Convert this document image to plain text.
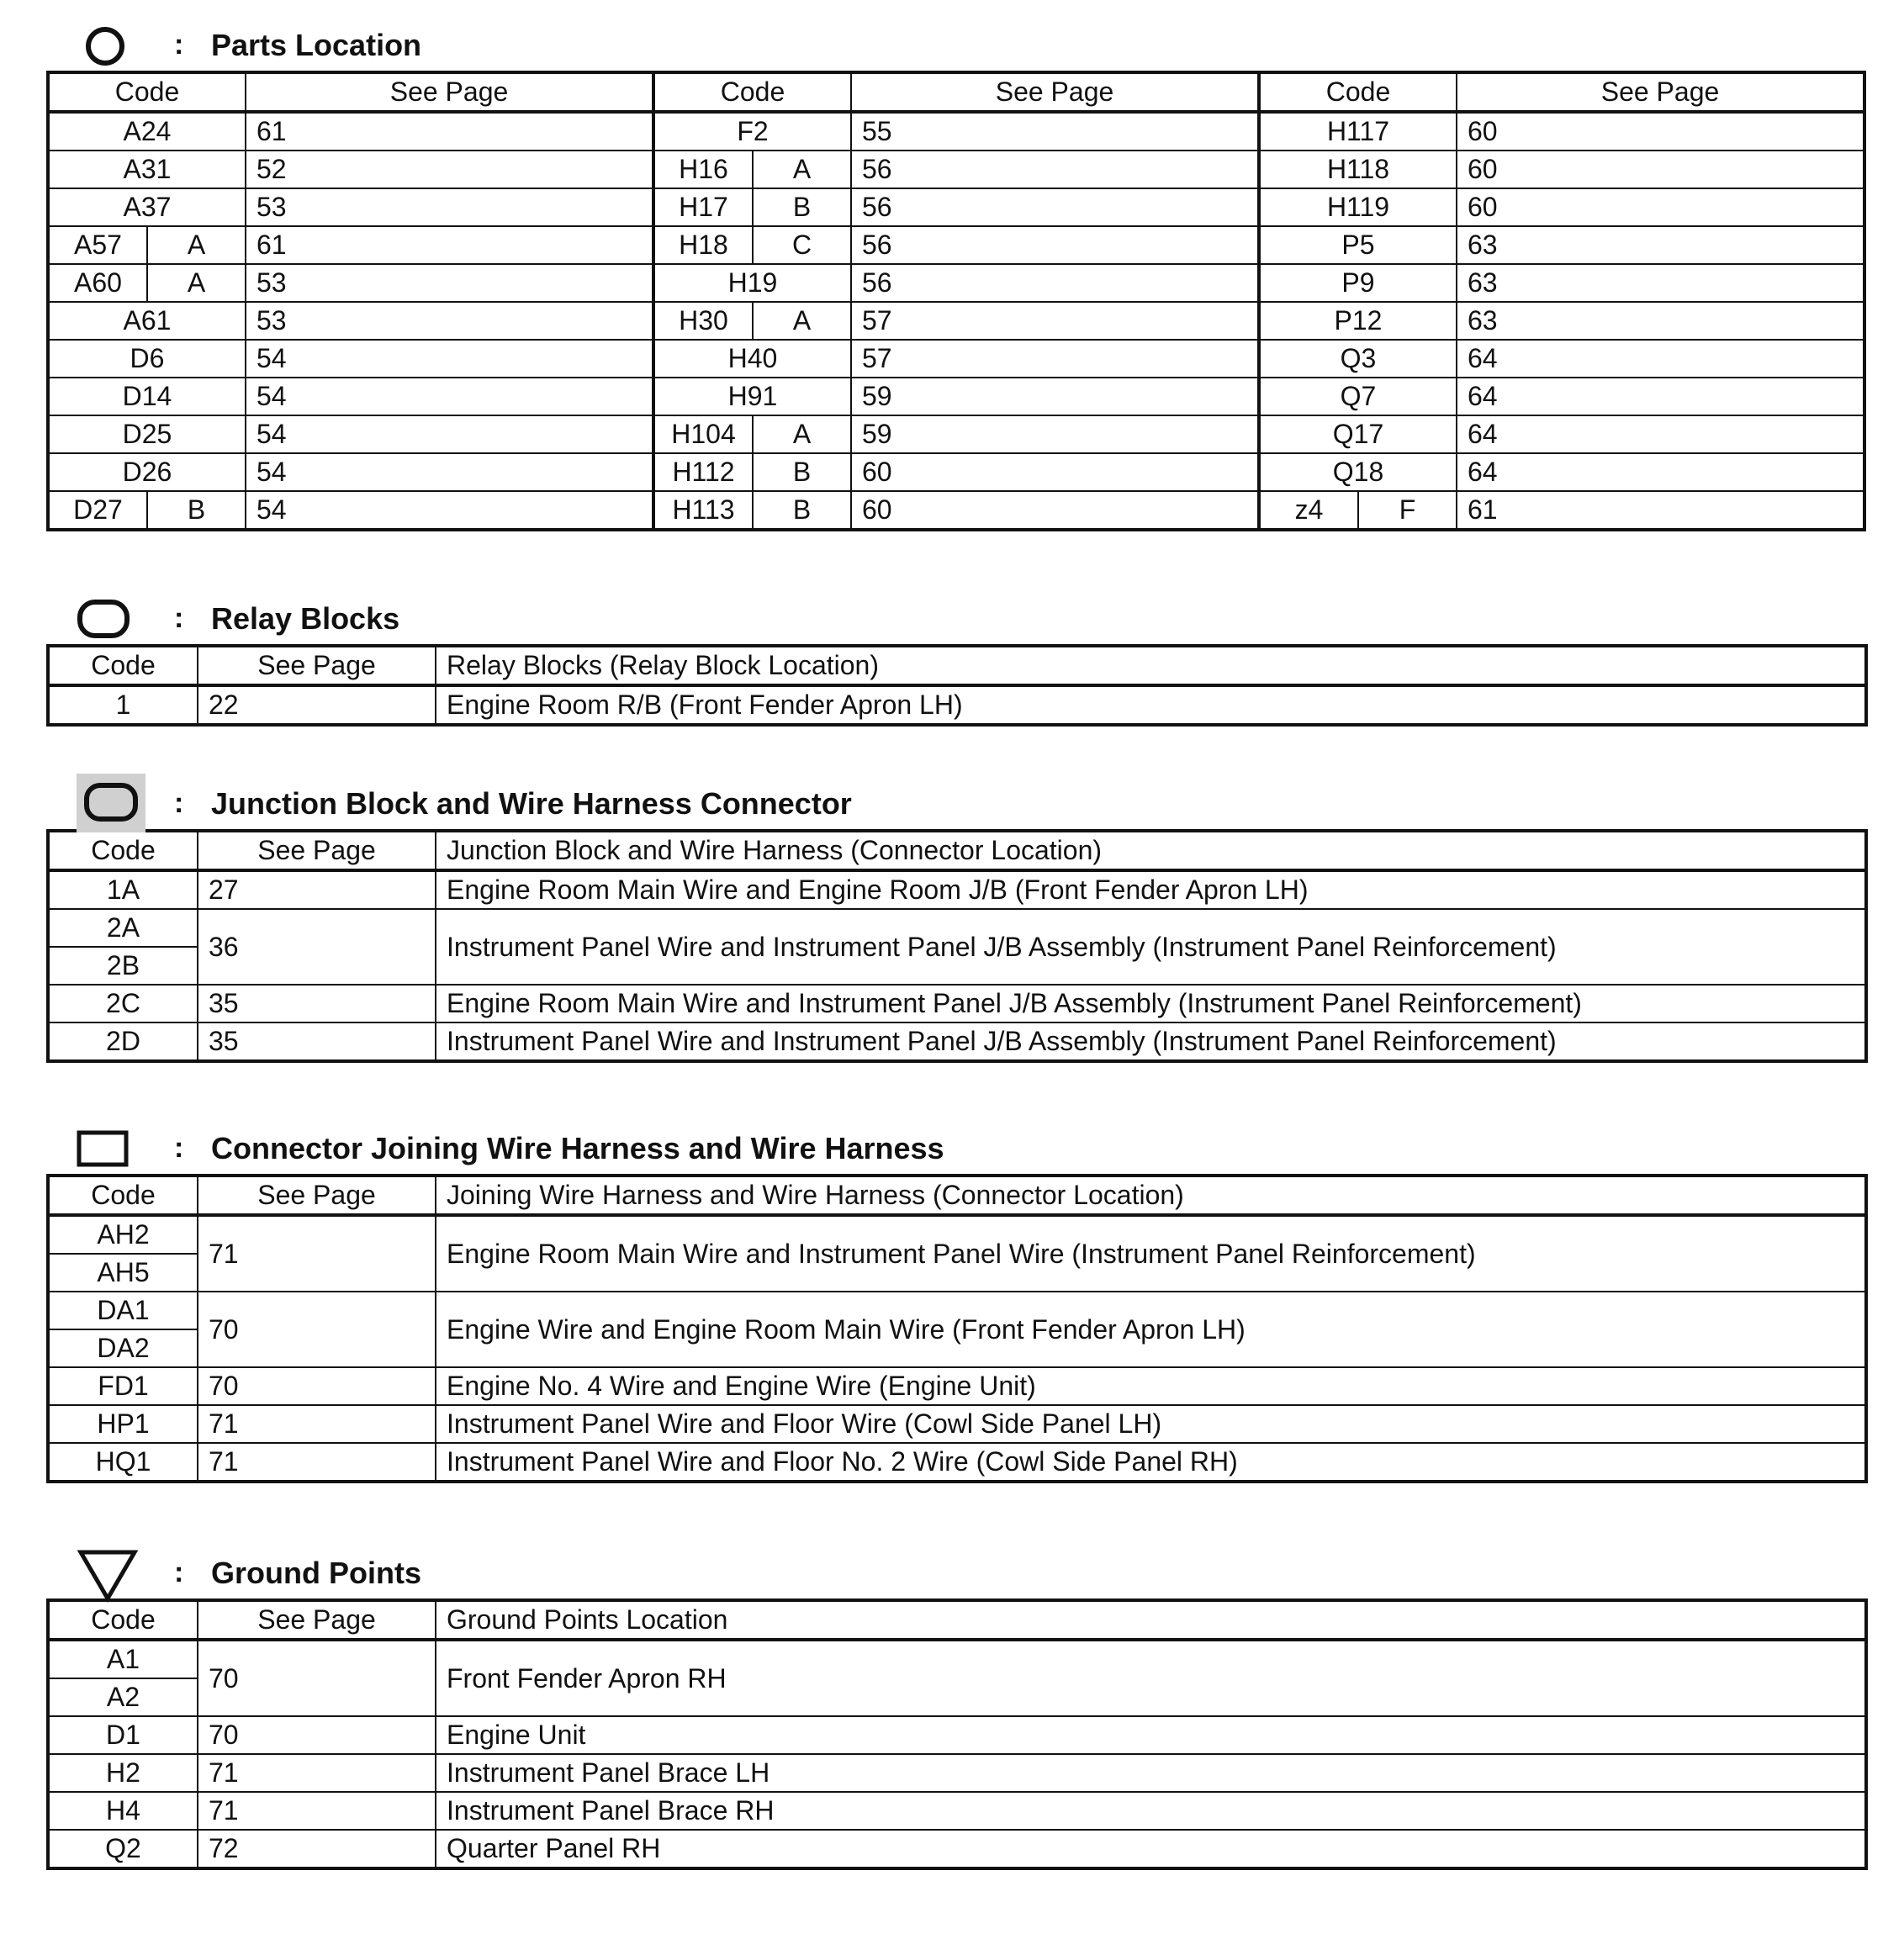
: Parts Location
Code		See Page	Code		See Page	Code		See Page
A24		61	F2		55	H117		60
A31		52	H16	A	56	H118		60
A37		53	H17	B	56	H119		60
A57	A	61	H18	C	56	P5		63
A60	A	53	H19		56	P9		63
A61		53	H30	A	57	P12		63
D6		54	H40		57	Q3		64
D14		54	H91		59	Q7		64
D25		54	H104	A	59	Q17		64
D26		54	H112	B	60	Q18		64
D27	B	54	H113	B	60	z4	F	61
: Relay Blocks
Code	See Page	Relay Blocks (Relay Block Location)
1	22	Engine Room R/B (Front Fender Apron LH)
: Junction Block and Wire Harness Connector
Code	See Page	Junction Block and Wire Harness (Connector Location)
1A	27	Engine Room Main Wire and Engine Room J/B (Front Fender Apron LH)
2A	36	Instrument Panel Wire and Instrument Panel J/B Assembly (Instrument Panel Reinforcement)
2B		
2C	35	Engine Room Main Wire and Instrument Panel J/B Assembly (Instrument Panel Reinforcement)
2D	35	Instrument Panel Wire and Instrument Panel J/B Assembly (Instrument Panel Reinforcement)
: Connector Joining Wire Harness and Wire Harness
Code	See Page	Joining Wire Harness and Wire Harness (Connector Location)
AH2	71	Engine Room Main Wire and Instrument Panel Wire (Instrument Panel Reinforcement)
AH5		
DA1	70	Engine Wire and Engine Room Main Wire (Front Fender Apron LH)
DA2		
FD1	70	Engine No. 4 Wire and Engine Wire (Engine Unit)
HP1	71	Instrument Panel Wire and Floor Wire (Cowl Side Panel LH)
HQ1	71	Instrument Panel Wire and Floor No. 2 Wire (Cowl Side Panel RH)
: Ground Points
Code	See Page	Ground Points Location
A1	70	Front Fender Apron RH
A2		
D1	70	Engine Unit
H2	71	Instrument Panel Brace LH
H4	71	Instrument Panel Brace RH
Q2	72	Quarter Panel RH
